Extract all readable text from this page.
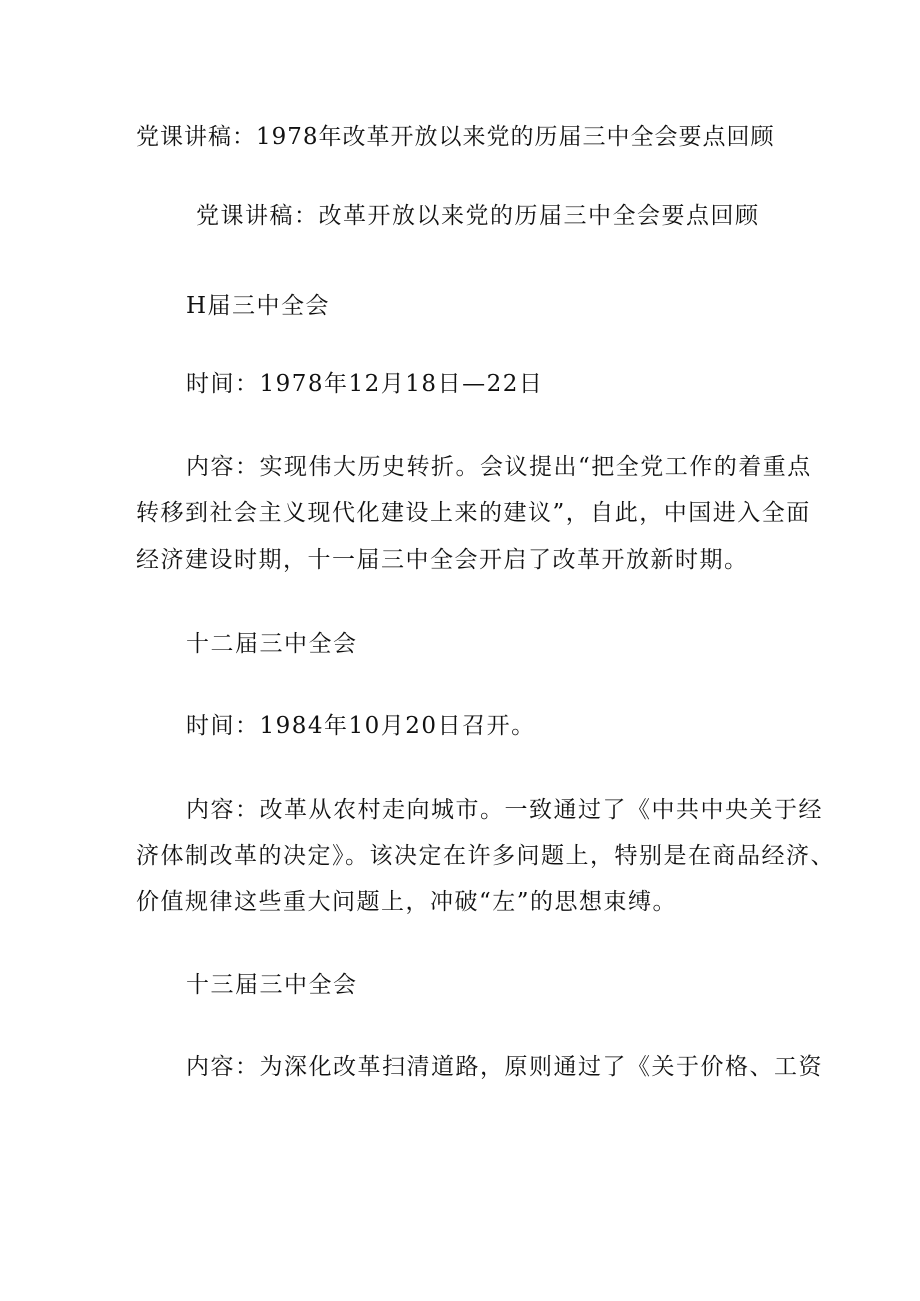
党课讲稿：1978年改革开放以来党的历届三中全会要点回顾
党课讲稿：改革开放以来党的历届三中全会要点回顾
H届三中全会
时间：1978年12月18日—22日
内容：实现伟大历史转折。会议提出“把全党工作的着重点
转移到社会主义现代化建设上来的建议”，自此，中国进入全面
经济建设时期，十一届三中全会开启了改革开放新时期。
十二届三中全会
时间：1984年10月20日召开。
内容：改革从农村走向城市。一致通过了《中共中央关于经
济体制改革的决定》。该决定在许多问题上，特别是在商品经济、
价值规律这些重大问题上，冲破“左”的思想束缚。
十三届三中全会
内容：为深化改革扫清道路，原则通过了《关于价格、工资
